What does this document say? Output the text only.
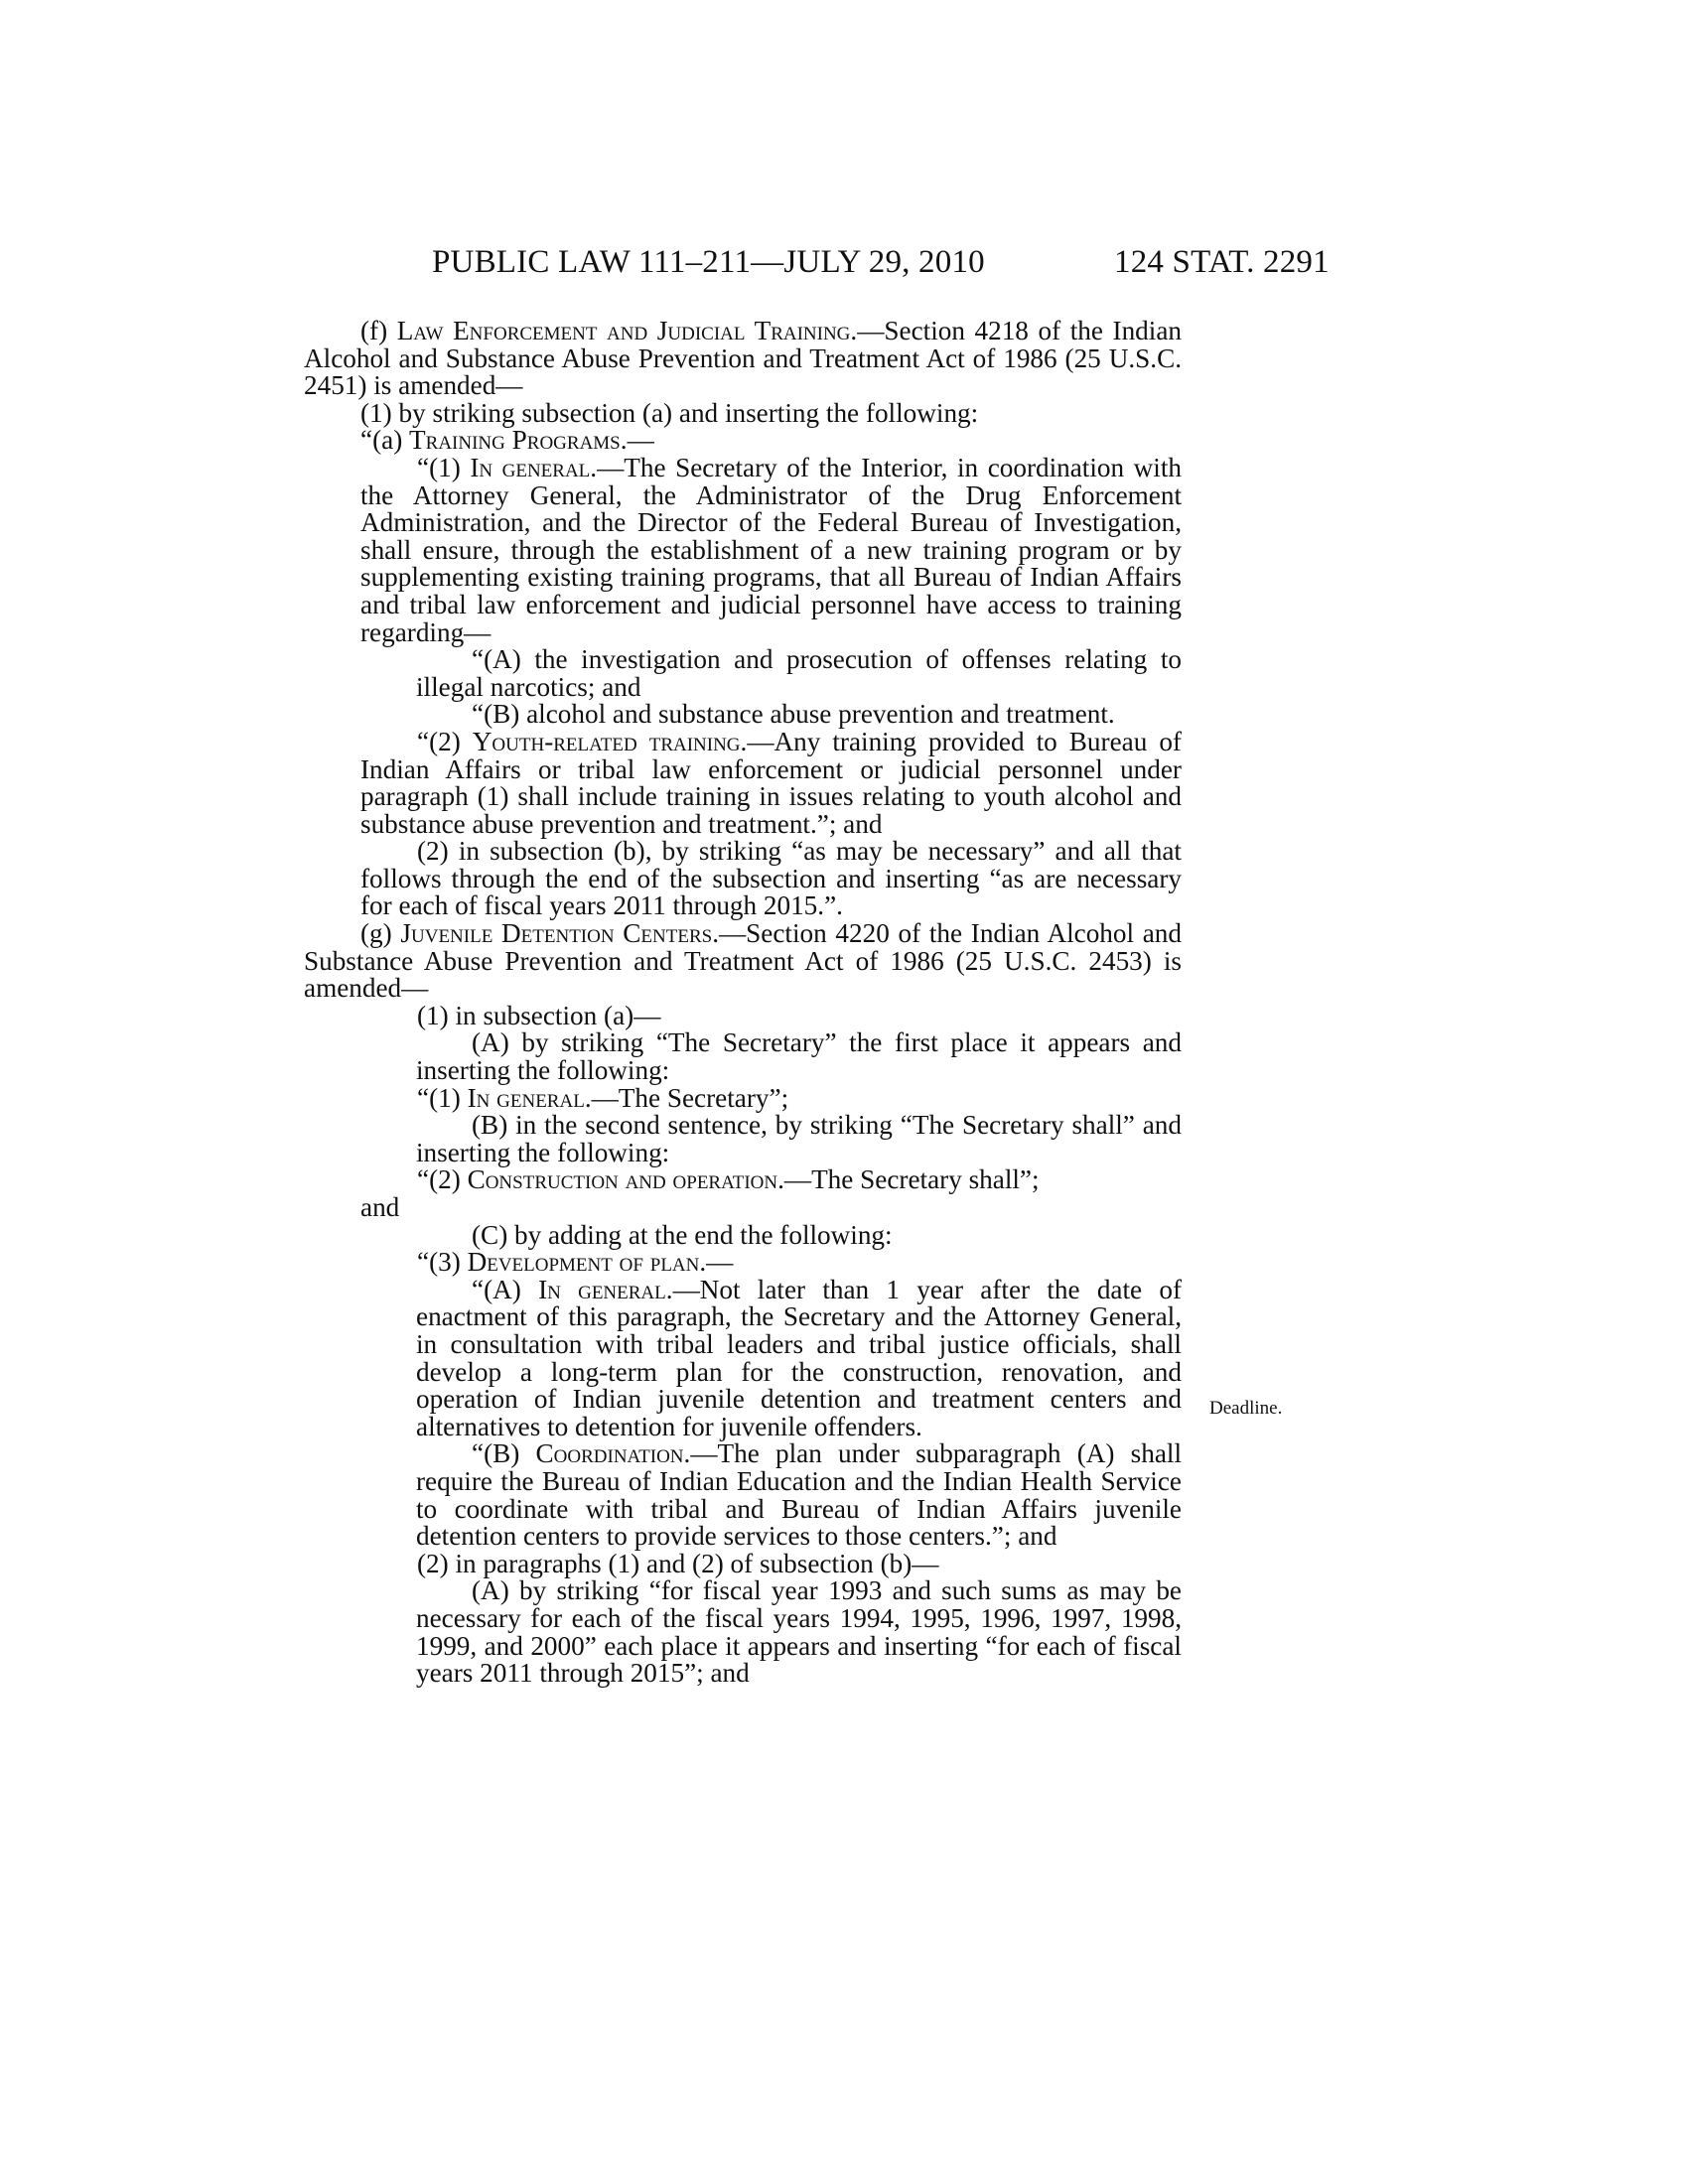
PUBLIC LAW 111–211—JULY 29, 2010	124 STAT. 2291

(f) Law Enforcement and Judicial Training.—Section 4218 of the Indian Alcohol and Substance Abuse Prevention and Treatment Act of 1986 (25 U.S.C. 2451) is amended—

(1) by striking subsection (a) and inserting the following:

“(a) Training Programs.—

“(1) In general.—The Secretary of the Interior, in coordination with the Attorney General, the Administrator of the Drug Enforcement Administration, and the Director of the Federal Bureau of Investigation, shall ensure, through the establishment of a new training program or by supplementing existing training programs, that all Bureau of Indian Affairs and tribal law enforcement and judicial personnel have access to training regarding—

“(A) the investigation and prosecution of offenses relating to illegal narcotics; and

“(B) alcohol and substance abuse prevention and treatment.

“(2) Youth-related training.—Any training provided to Bureau of Indian Affairs or tribal law enforcement or judicial personnel under paragraph (1) shall include training in issues relating to youth alcohol and substance abuse prevention and treatment.”; and

(2) in subsection (b), by striking “as may be necessary” and all that follows through the end of the subsection and inserting “as are necessary for each of fiscal years 2011 through 2015.”.

(g) Juvenile Detention Centers.—Section 4220 of the Indian Alcohol and Substance Abuse Prevention and Treatment Act of 1986 (25 U.S.C. 2453) is amended—

(1) in subsection (a)—

(A) by striking “The Secretary” the first place it appears and inserting the following:

“(1) In general.—The Secretary”;

(B) in the second sentence, by striking “The Secretary shall” and inserting the following:

“(2) Construction and operation.—The Secretary shall”;

and

(C) by adding at the end the following:

“(3) Development of plan.—

“(A) In general.—Not later than 1 year after the date of enactment of this paragraph, the Secretary and the Attorney General, in consultation with tribal leaders and tribal justice officials, shall develop a long-term plan for the construction, renovation, and operation of Indian juvenile detention and treatment centers and alternatives to detention for juvenile offenders.

“(B) Coordination.—The plan under subparagraph (A) shall require the Bureau of Indian Education and the Indian Health Service to coordinate with tribal and Bureau of Indian Affairs juvenile detention centers to provide services to those centers.”; and

(2) in paragraphs (1) and (2) of subsection (b)—

(A) by striking “for fiscal year 1993 and such sums as may be necessary for each of the fiscal years 1994, 1995, 1996, 1997, 1998, 1999, and 2000” each place it appears and inserting “for each of fiscal years 2011 through 2015”; and

Deadline.
